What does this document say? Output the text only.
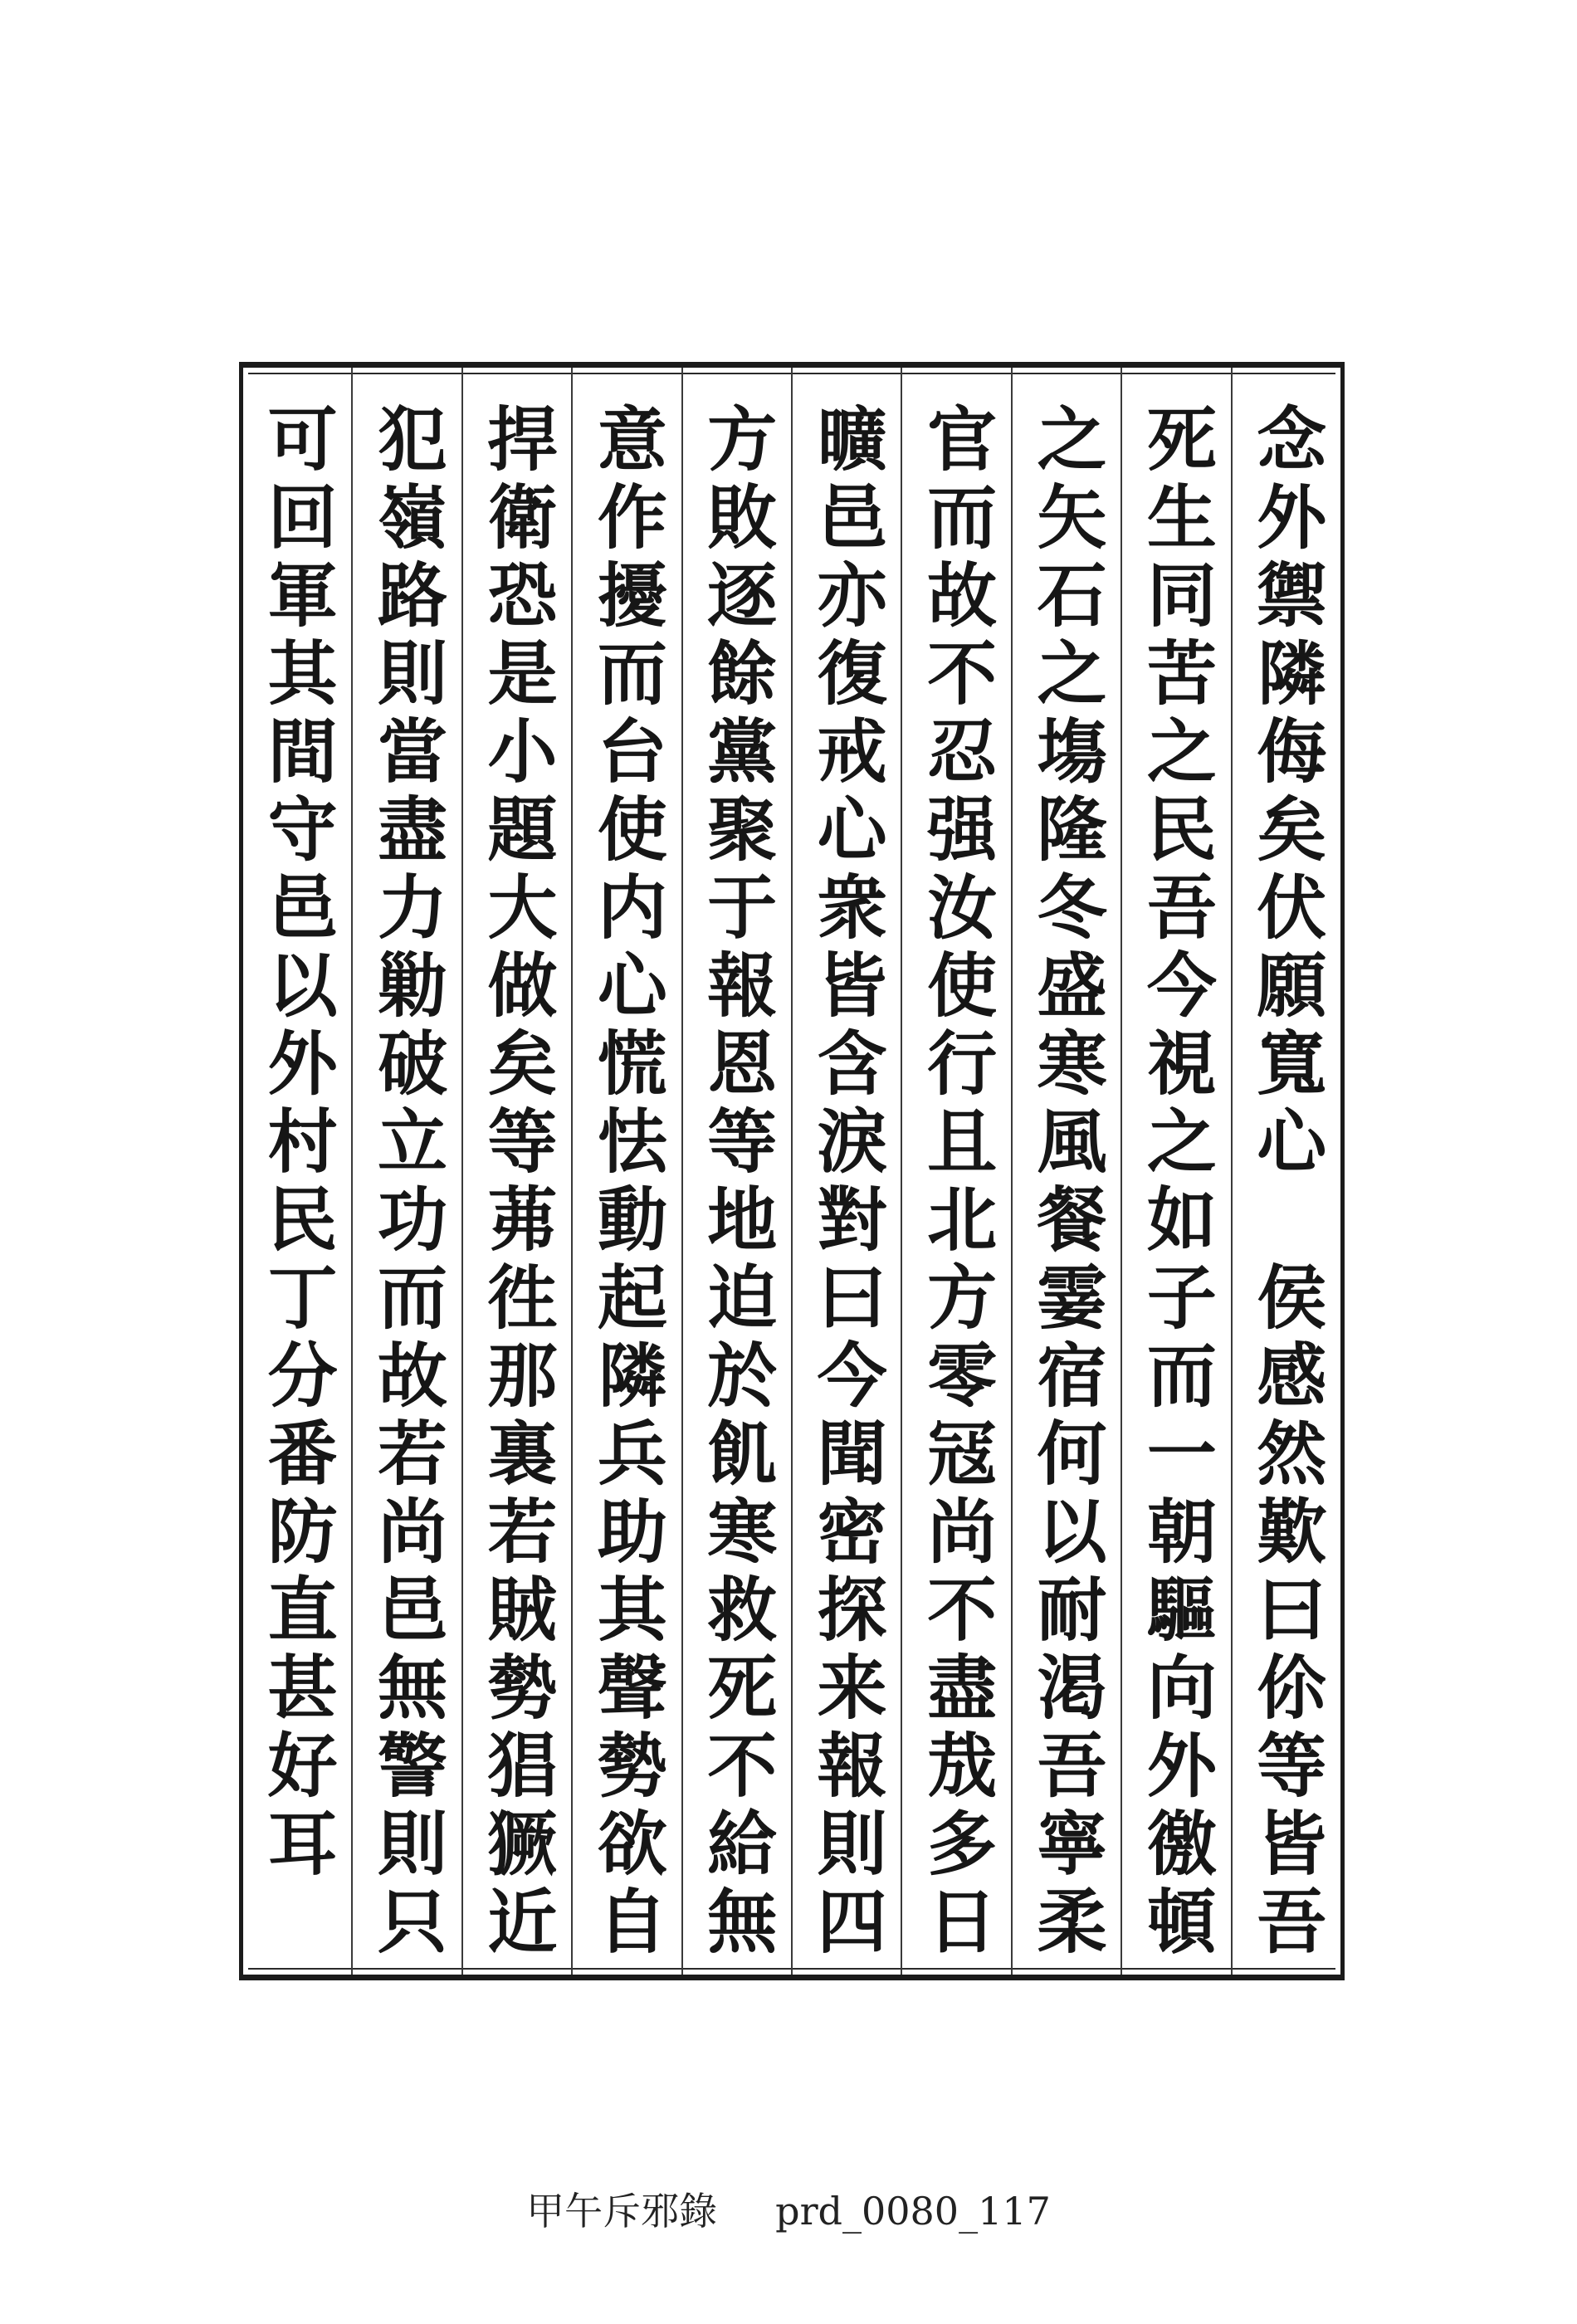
念外禦隣侮矣伏願寬心　侯感然歎曰伱等皆吾
死生同苦之民吾今視之如子而一朝驅向外徼頓
之矢石之塲隆冬盛寒風餐霎宿何以耐渇吾寧柔
官而故不忍强汝使行且北方零冦尚不盡㦲多日
曠邑亦復戒心衆皆含淚對曰今聞密探来報則四
方敗逐餘黨聚于報恩等地迫於飢寒救死不給無
意作擾而台使内心慌怯動起隣兵助其聲勢欲自
捍衛恐是小題大做矣等茀徃那裏若賊勢猖獗近
犯嶺路則當盡力勦破立功而故若尚邑無警則只
可回軍其間守邑以外村民丁分番防直甚好耳
甲午斥邪錄 prd_0080_117
